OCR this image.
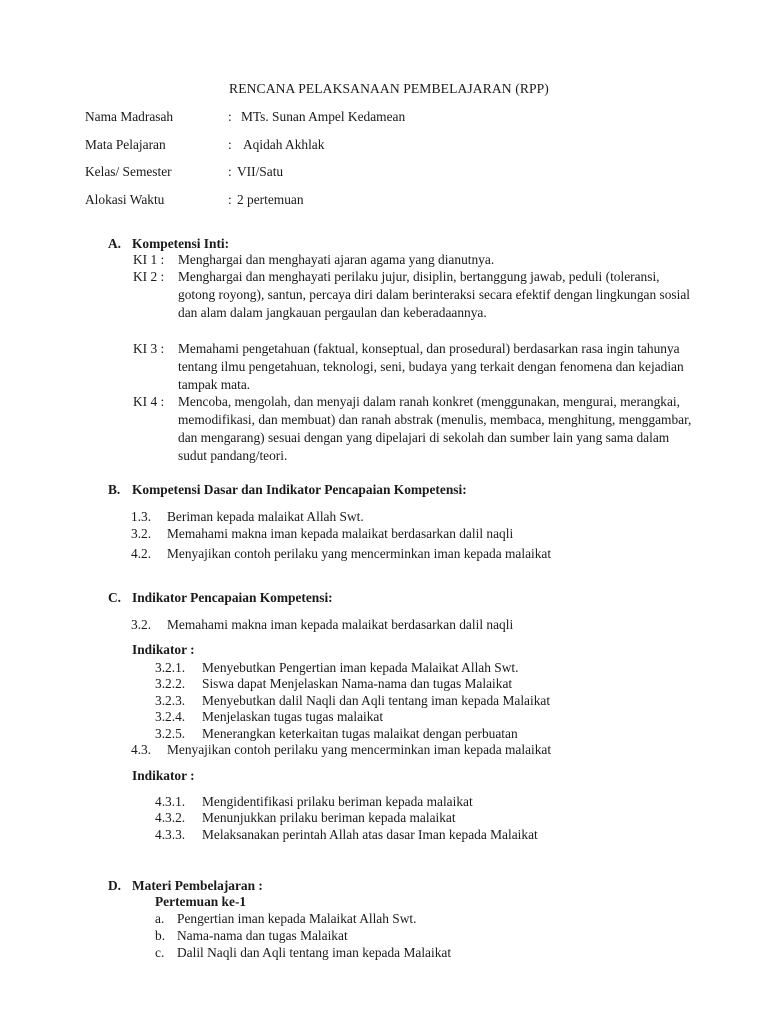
RENCANA PELAKSANAAN PEMBELAJARAN (RPP)
Nama Madrasah	: MTs. Sunan Ampel Kedamean
Mata Pelajaran	: Aqidah Akhlak
Kelas/ Semester	: VII/Satu
Alokasi Waktu	: 2 pertemuan
A. Kompetensi Inti:
KI 1 : Menghargai dan menghayati ajaran agama yang dianutnya.
KI 2 : Menghargai dan menghayati perilaku jujur, disiplin, bertanggung jawab, peduli (toleransi, gotong royong), santun, percaya diri dalam berinteraksi secara efektif dengan lingkungan sosial dan alam dalam jangkauan pergaulan dan keberadaannya.
KI 3 : Memahami pengetahuan (faktual, konseptual, dan prosedural) berdasarkan rasa ingin tahunya tentang ilmu pengetahuan, teknologi, seni, budaya yang terkait dengan fenomena dan kejadian tampak mata.
KI 4 : Mencoba, mengolah, dan menyaji dalam ranah konkret (menggunakan, mengurai, merangkai, memodifikasi, dan membuat) dan ranah abstrak (menulis, membaca, menghitung, menggambar, dan mengarang) sesuai dengan yang dipelajari di sekolah dan sumber lain yang sama dalam sudut pandang/teori.
B. Kompetensi Dasar dan Indikator Pencapaian Kompetensi:
1.3. Beriman kepada malaikat Allah Swt.
3.2. Memahami makna iman kepada malaikat berdasarkan dalil naqli
4.2. Menyajikan contoh perilaku yang mencerminkan iman kepada malaikat
C. Indikator Pencapaian Kompetensi:
3.2. Memahami makna iman kepada malaikat berdasarkan dalil naqli
Indikator :
3.2.1. Menyebutkan Pengertian iman kepada Malaikat Allah Swt.
3.2.2. Siswa dapat Menjelaskan Nama-nama dan tugas Malaikat
3.2.3. Menyebutkan dalil Naqli dan Aqli tentang iman kepada Malaikat
3.2.4. Menjelaskan tugas tugas malaikat
3.2.5. Menerangkan keterkaitan tugas malaikat dengan perbuatan
4.3. Menyajikan contoh perilaku yang mencerminkan iman kepada malaikat
Indikator :
4.3.1. Mengidentifikasi prilaku beriman kepada malaikat
4.3.2. Menunjukkan prilaku beriman kepada malaikat
4.3.3. Melaksanakan perintah Allah atas dasar Iman kepada Malaikat
D. Materi Pembelajaran :
Pertemuan ke-1
a. Pengertian iman kepada Malaikat Allah Swt.
b. Nama-nama dan tugas Malaikat
c. Dalil Naqli dan Aqli tentang iman kepada Malaikat
